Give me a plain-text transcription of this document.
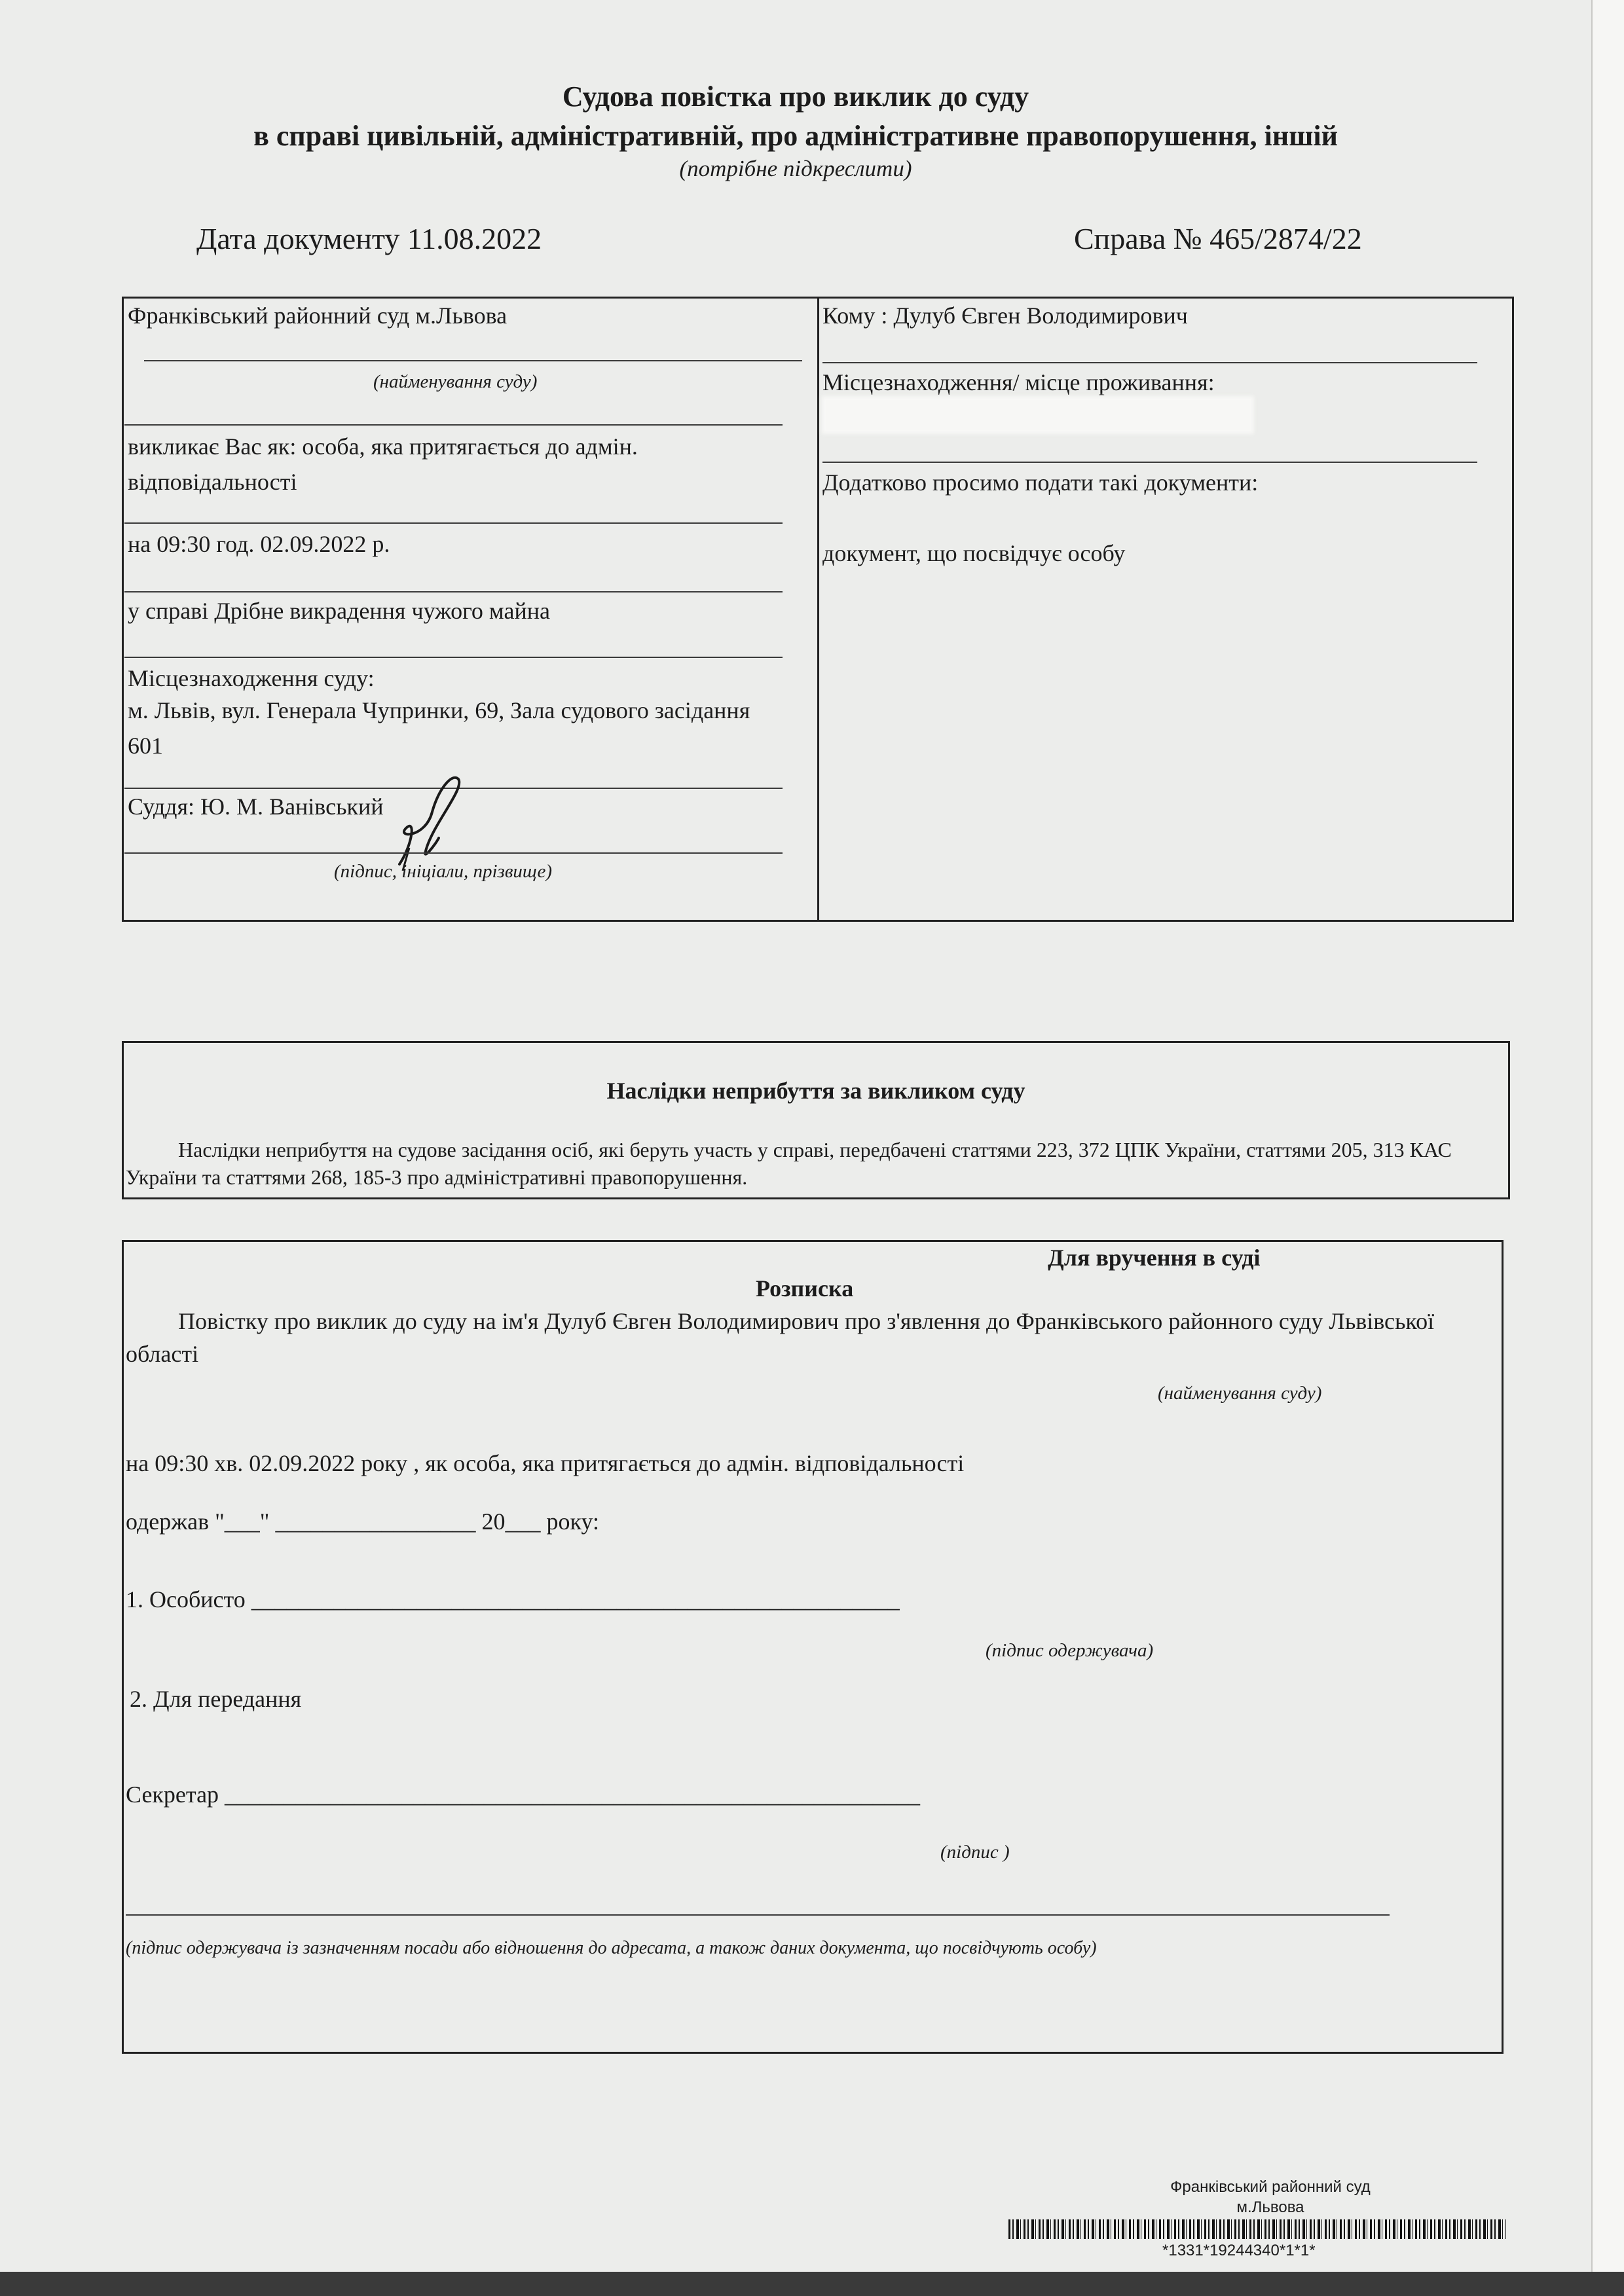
Судова повістка про виклик до суду
в справі цивільній, адміністративній, про адміністративне правопорушення, іншій
(потрібне підкреслити)
Дата документу 11.08.2022	Справа № 465/2874/22
Франківський районний суд м.Львова
(найменування суду)
викликає Вас як: особа, яка притягається до адмін. відповідальності
на 09:30 год. 02.09.2022 р.
у справі Дрібне викрадення чужого майна
Місцезнаходження суду:
м. Львів, вул. Генерала Чупринки, 69, Зала судового засідання 601
Суддя: Ю. М. Ванівський
(підпис, ініціали, прізвище)
Кому : Дулуб Євген Володимирович
Місцезнаходження/ місце проживання:
Додатково просимо подати такі документи:
документ, що посвідчує особу
Наслідки неприбуття за викликом суду
Наслідки неприбуття на судове засідання осіб, які беруть участь у справі, передбачені статтями 223, 372 ЦПК України, статтями 205, 313 КАС України та статтями 268, 185-3 про адміністративні правопорушення.
Для вручення в суді
Розписка
Повістку про виклик до суду на ім'я Дулуб Євген Володимирович про з'явлення до Франківського районного суду Львівської області
(найменування суду)
на 09:30 хв. 02.09.2022 року , як особа, яка притягається до адмін. відповідальності
одержав "___" _________________ 20___ року:
1. Особисто _______________________________________________________
(підпис одержувача)
2. Для передання
Секретар ___________________________________________________________
(підпис )
(підпис одержувача із зазначенням посади або відношення до адресата, а також даних документа, що посвідчують особу)
Франківський районний суд
м.Львова
*1331*19244340*1*1*
